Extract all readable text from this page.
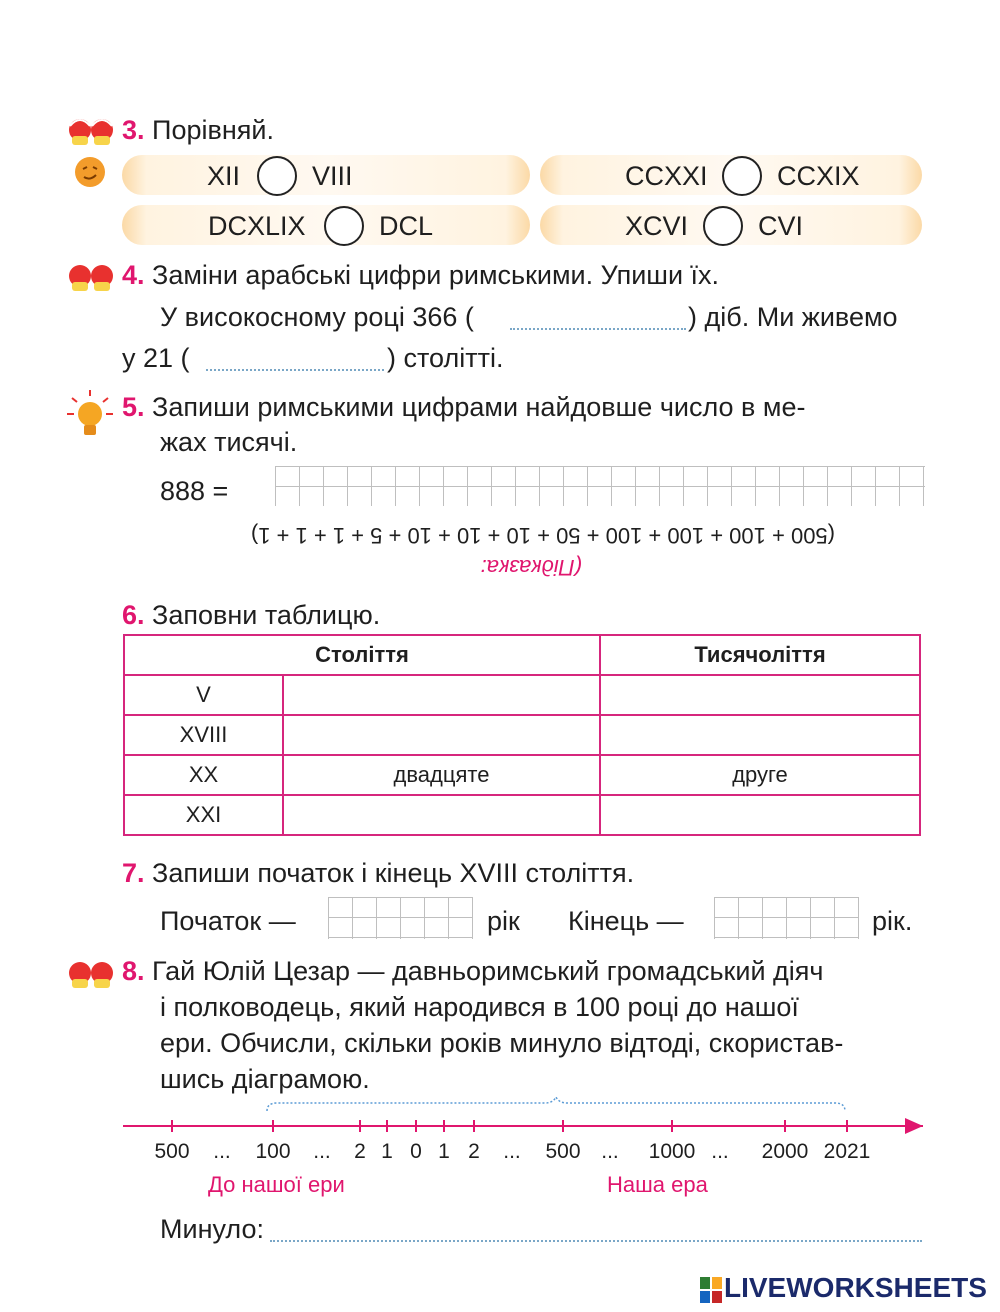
3. Порівняй.
XII	VIII	CCXXI	CCXIX
DCXLIX	DCL	XCVI	CVI
4. Заміни арабські цифри римськими. Упиши їх.
У високосному році 366 (	) діб. Ми живемо
у 21 (	) столітті.
5. Запиши римськими цифрами найдовше число в ме-
жах тисячі.
888 =
(500 + 100 + 100 + 100 + 50 + 10 + 10 + 10 + 5 + 1 + 1 + 1)
(Підказка:
6. Заповни таблицю.
Століття		Тисячоліття
V		
XVIII		
XX	двадцяте	друге
XXI		
7. Запиши початок і кінець XVIII століття.
Початок —	рік Кінець —	рік.
8. Гай Юлій Цезар — давньоримський громадський діяч
і полководець, який народився в 100 році до нашої
ери. Обчисли, скільки років минуло відтоді, скористав-
шись діаграмою.
500 ... 100 ... 2 1 0 1 2 ... 500 ... 1000 ... 2000 2021
До нашої ери	Наша ера
Минуло:
LIVEWORKSHEETS
